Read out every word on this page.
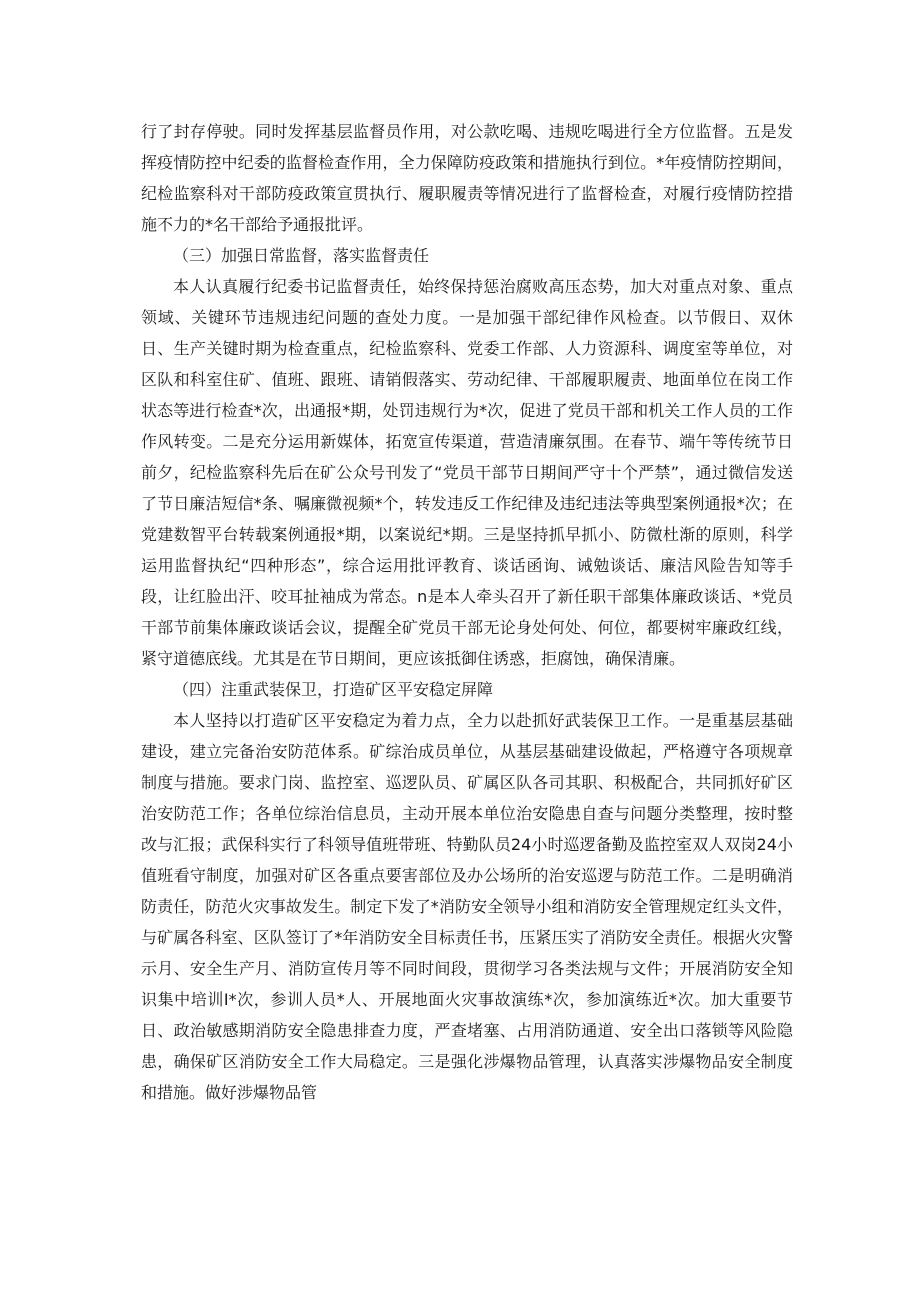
行了封存停驶。同时发挥基层监督员作用，对公款吃喝、违规吃喝进行全方位监督。五是发挥疫情防控中纪委的监督检查作用，全力保障防疫政策和措施执行到位。*年疫情防控期间，纪检监察科对干部防疫政策宣贯执行、履职履责等情况进行了监督检查，对履行疫情防控措施不力的*名干部给予通报批评。

（三）加强日常监督，落实监督责任

本人认真履行纪委书记监督责任，始终保持惩治腐败高压态势，加大对重点对象、重点领域、关键环节违规违纪问题的查处力度。一是加强干部纪律作风检查。以节假日、双休日、生产关键时期为检查重点，纪检监察科、党委工作部、人力资源科、调度室等单位，对区队和科室住矿、值班、跟班、请销假落实、劳动纪律、干部履职履责、地面单位在岗工作状态等进行检查*次，出通报*期，处罚违规行为*次，促进了党员干部和机关工作人员的工作作风转变。二是充分运用新媒体，拓宽宣传渠道，营造清廉氛围。在春节、端午等传统节日前夕，纪检监察科先后在矿公众号刊发了“党员干部节日期间严守十个严禁”，通过微信发送了节日廉洁短信*条、嘱廉微视频*个，转发违反工作纪律及违纪违法等典型案例通报*次；在党建数智平台转载案例通报*期，以案说纪*期。三是坚持抓早抓小、防微杜渐的原则，科学运用监督执纪“四种形态”，综合运用批评教育、谈话函询、诫勉谈话、廉洁风险告知等手段，让红脸出汗、咬耳扯袖成为常态。n是本人牵头召开了新任职干部集体廉政谈话、*党员干部节前集体廉政谈话会议，提醒全矿党员干部无论身处何处、何位，都要树牢廉政红线，紧守道德底线。尤其是在节日期间，更应该抵御住诱惑，拒腐蚀，确保清廉。

（四）注重武装保卫，打造矿区平安稳定屏障

本人坚持以打造矿区平安稳定为着力点，全力以赴抓好武装保卫工作。一是重基层基础建设，建立完备治安防范体系。矿综治成员单位，从基层基础建设做起，严格遵守各项规章制度与措施。要求门岗、监控室、巡逻队员、矿属区队各司其职、积极配合，共同抓好矿区治安防范工作；各单位综治信息员，主动开展本单位治安隐患自查与问题分类整理，按时整改与汇报；武保科实行了科领导值班带班、特勤队员24小时巡逻备勤及监控室双人双岗24小值班看守制度，加强对矿区各重点要害部位及办公场所的治安巡逻与防范工作。二是明确消防责任，防范火灾事故发生。制定下发了*消防安全领导小组和消防安全管理规定红头文件，与矿属各科室、区队签订了*年消防安全目标责任书，压紧压实了消防安全责任。根据火灾警示月、安全生产月、消防宣传月等不同时间段，贯彻学习各类法规与文件；开展消防安全知识集中培训I*次，参训人员*人、开展地面火灾事故演练*次，参加演练近*次。加大重要节日、政治敏感期消防安全隐患排查力度，严查堵塞、占用消防通道、安全出口落锁等风险隐患，确保矿区消防安全工作大局稳定。三是强化涉爆物品管理，认真落实涉爆物品安全制度和措施。做好涉爆物品管
